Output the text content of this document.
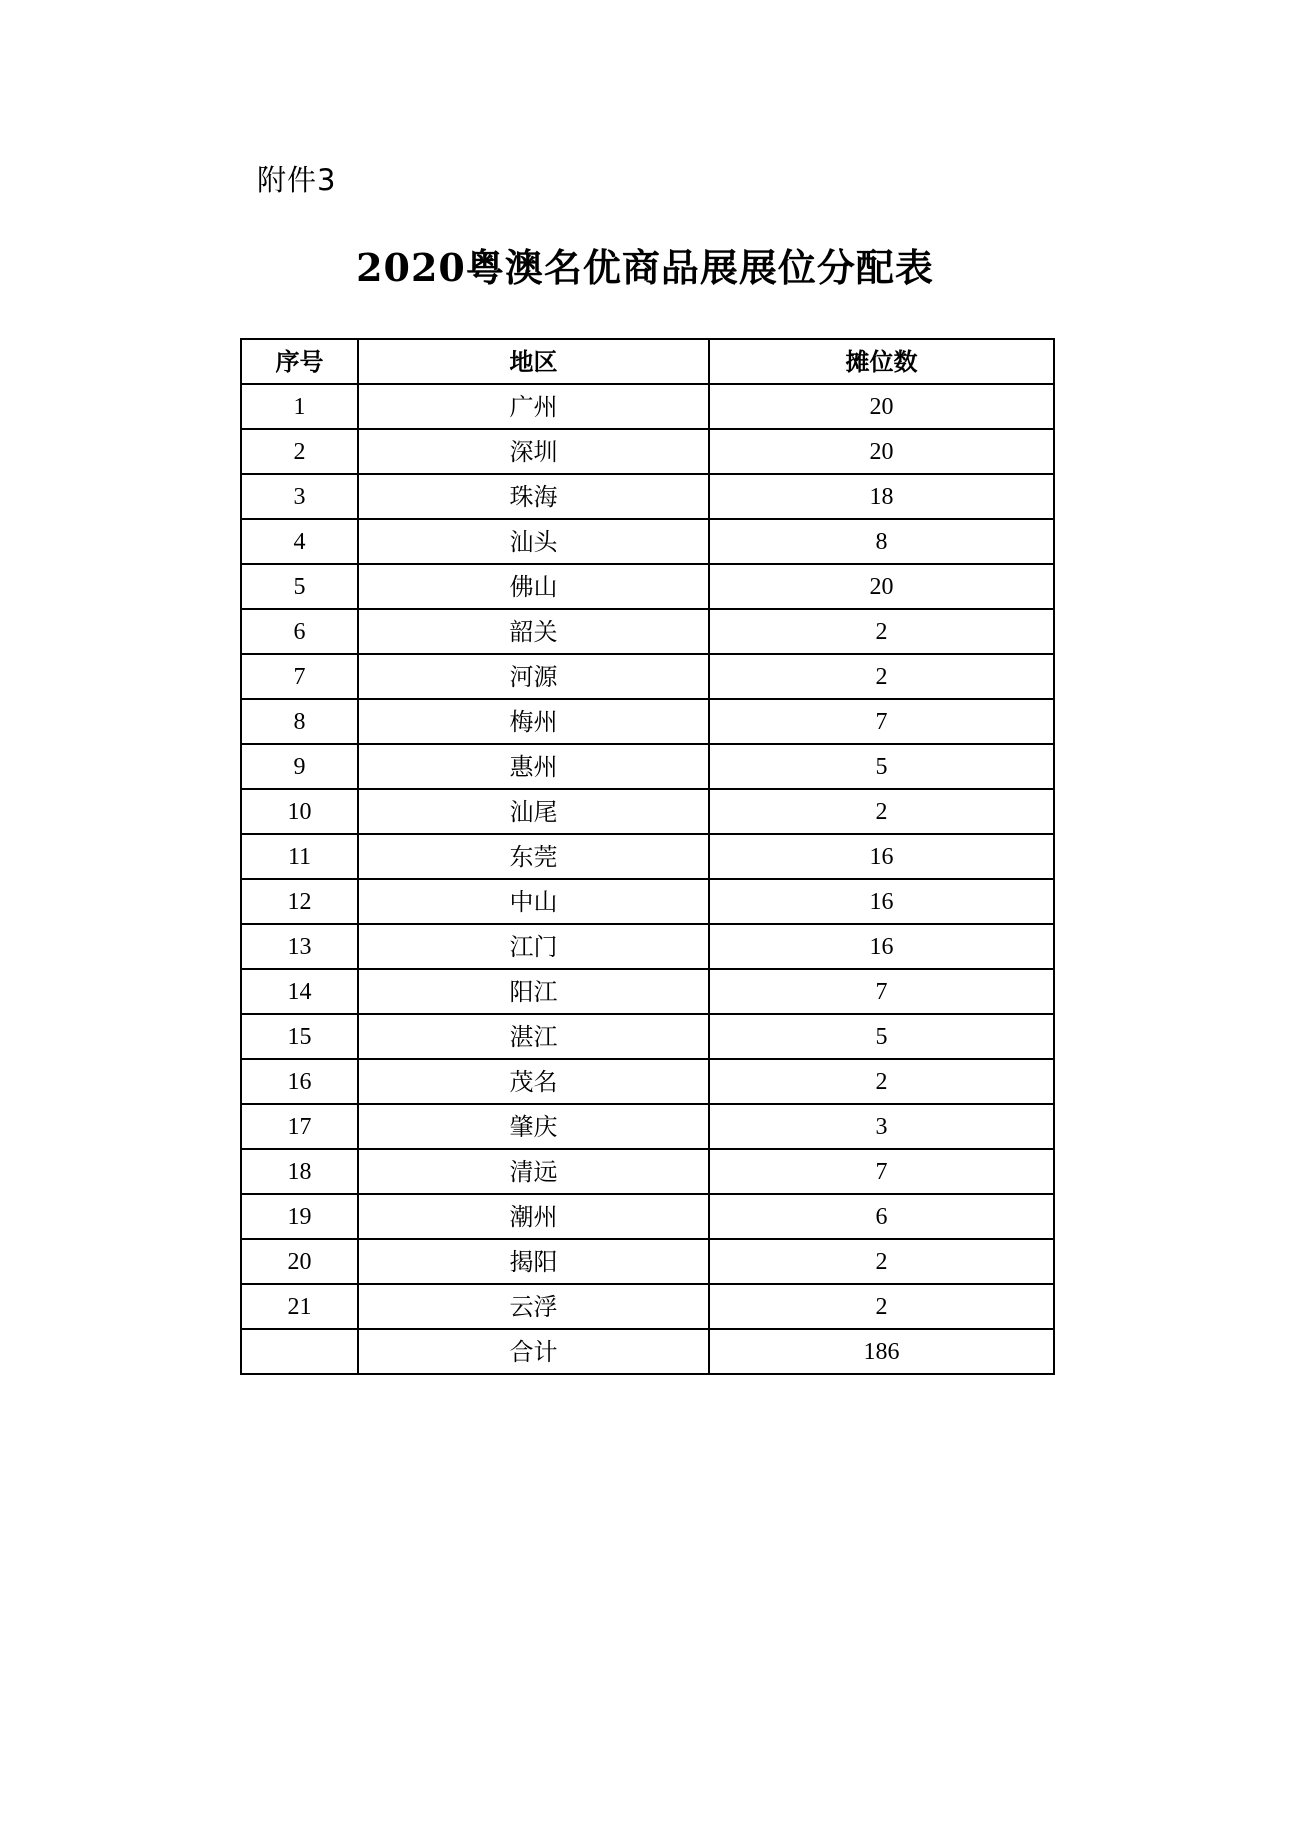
附件3
2020粤澳名优商品展展位分配表
序号	地区	摊位数
1	广州	20
2	深圳	20
3	珠海	18
4	汕头	8
5	佛山	20
6	韶关	2
7	河源	2
8	梅州	7
9	惠州	5
10	汕尾	2
11	东莞	16
12	中山	16
13	江门	16
14	阳江	7
15	湛江	5
16	茂名	2
17	肇庆	3
18	清远	7
19	潮州	6
20	揭阳	2
21	云浮	2
	合计	186
